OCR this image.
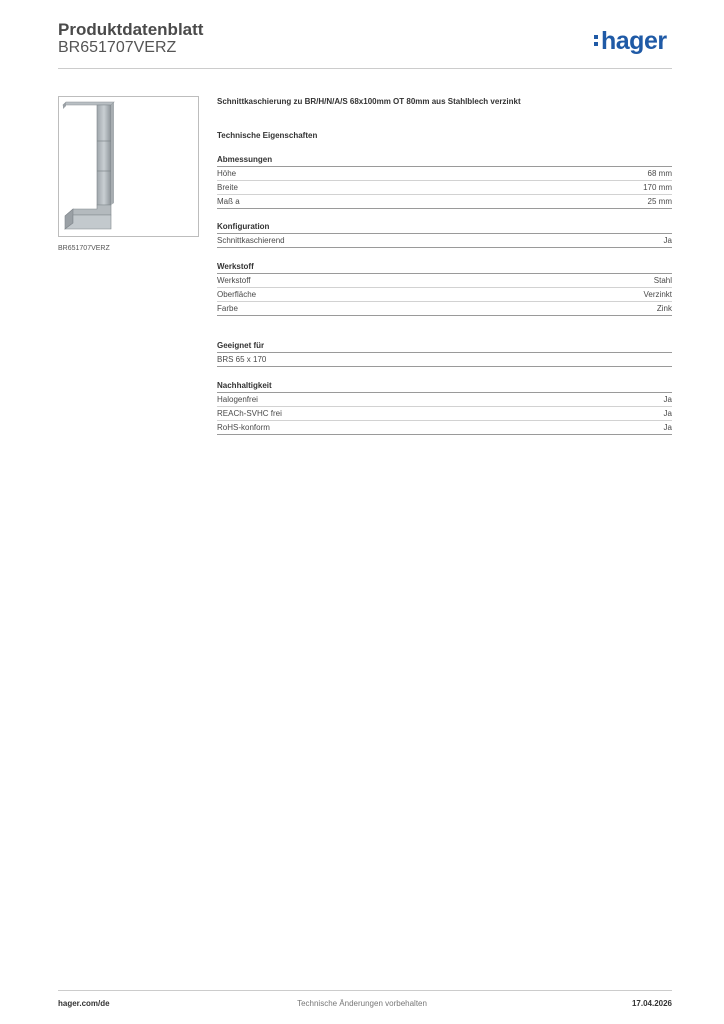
Produktdatenblatt
BR651707VERZ	hager
BR651707VERZ

Schnittkaschierung zu BR/H/N/A/S 68x100mm OT 80mm aus Stahlblech verzinkt

Technische Eigenschaften
Abmessungen
Höhe	68 mm
Breite	170 mm
Maß a	25 mm
Konfiguration
Schnittkaschierend	Ja
Werkstoff
Werkstoff	Stahl
Oberfläche	Verzinkt
Farbe	Zink
Geeignet für
BRS 65 x 170
Nachhaltigkeit
Halogenfrei	Ja
REACh-SVHC frei	Ja
RoHS-konform	Ja
hager.com/de	Technische Änderungen vorbehalten	17.04.2026
